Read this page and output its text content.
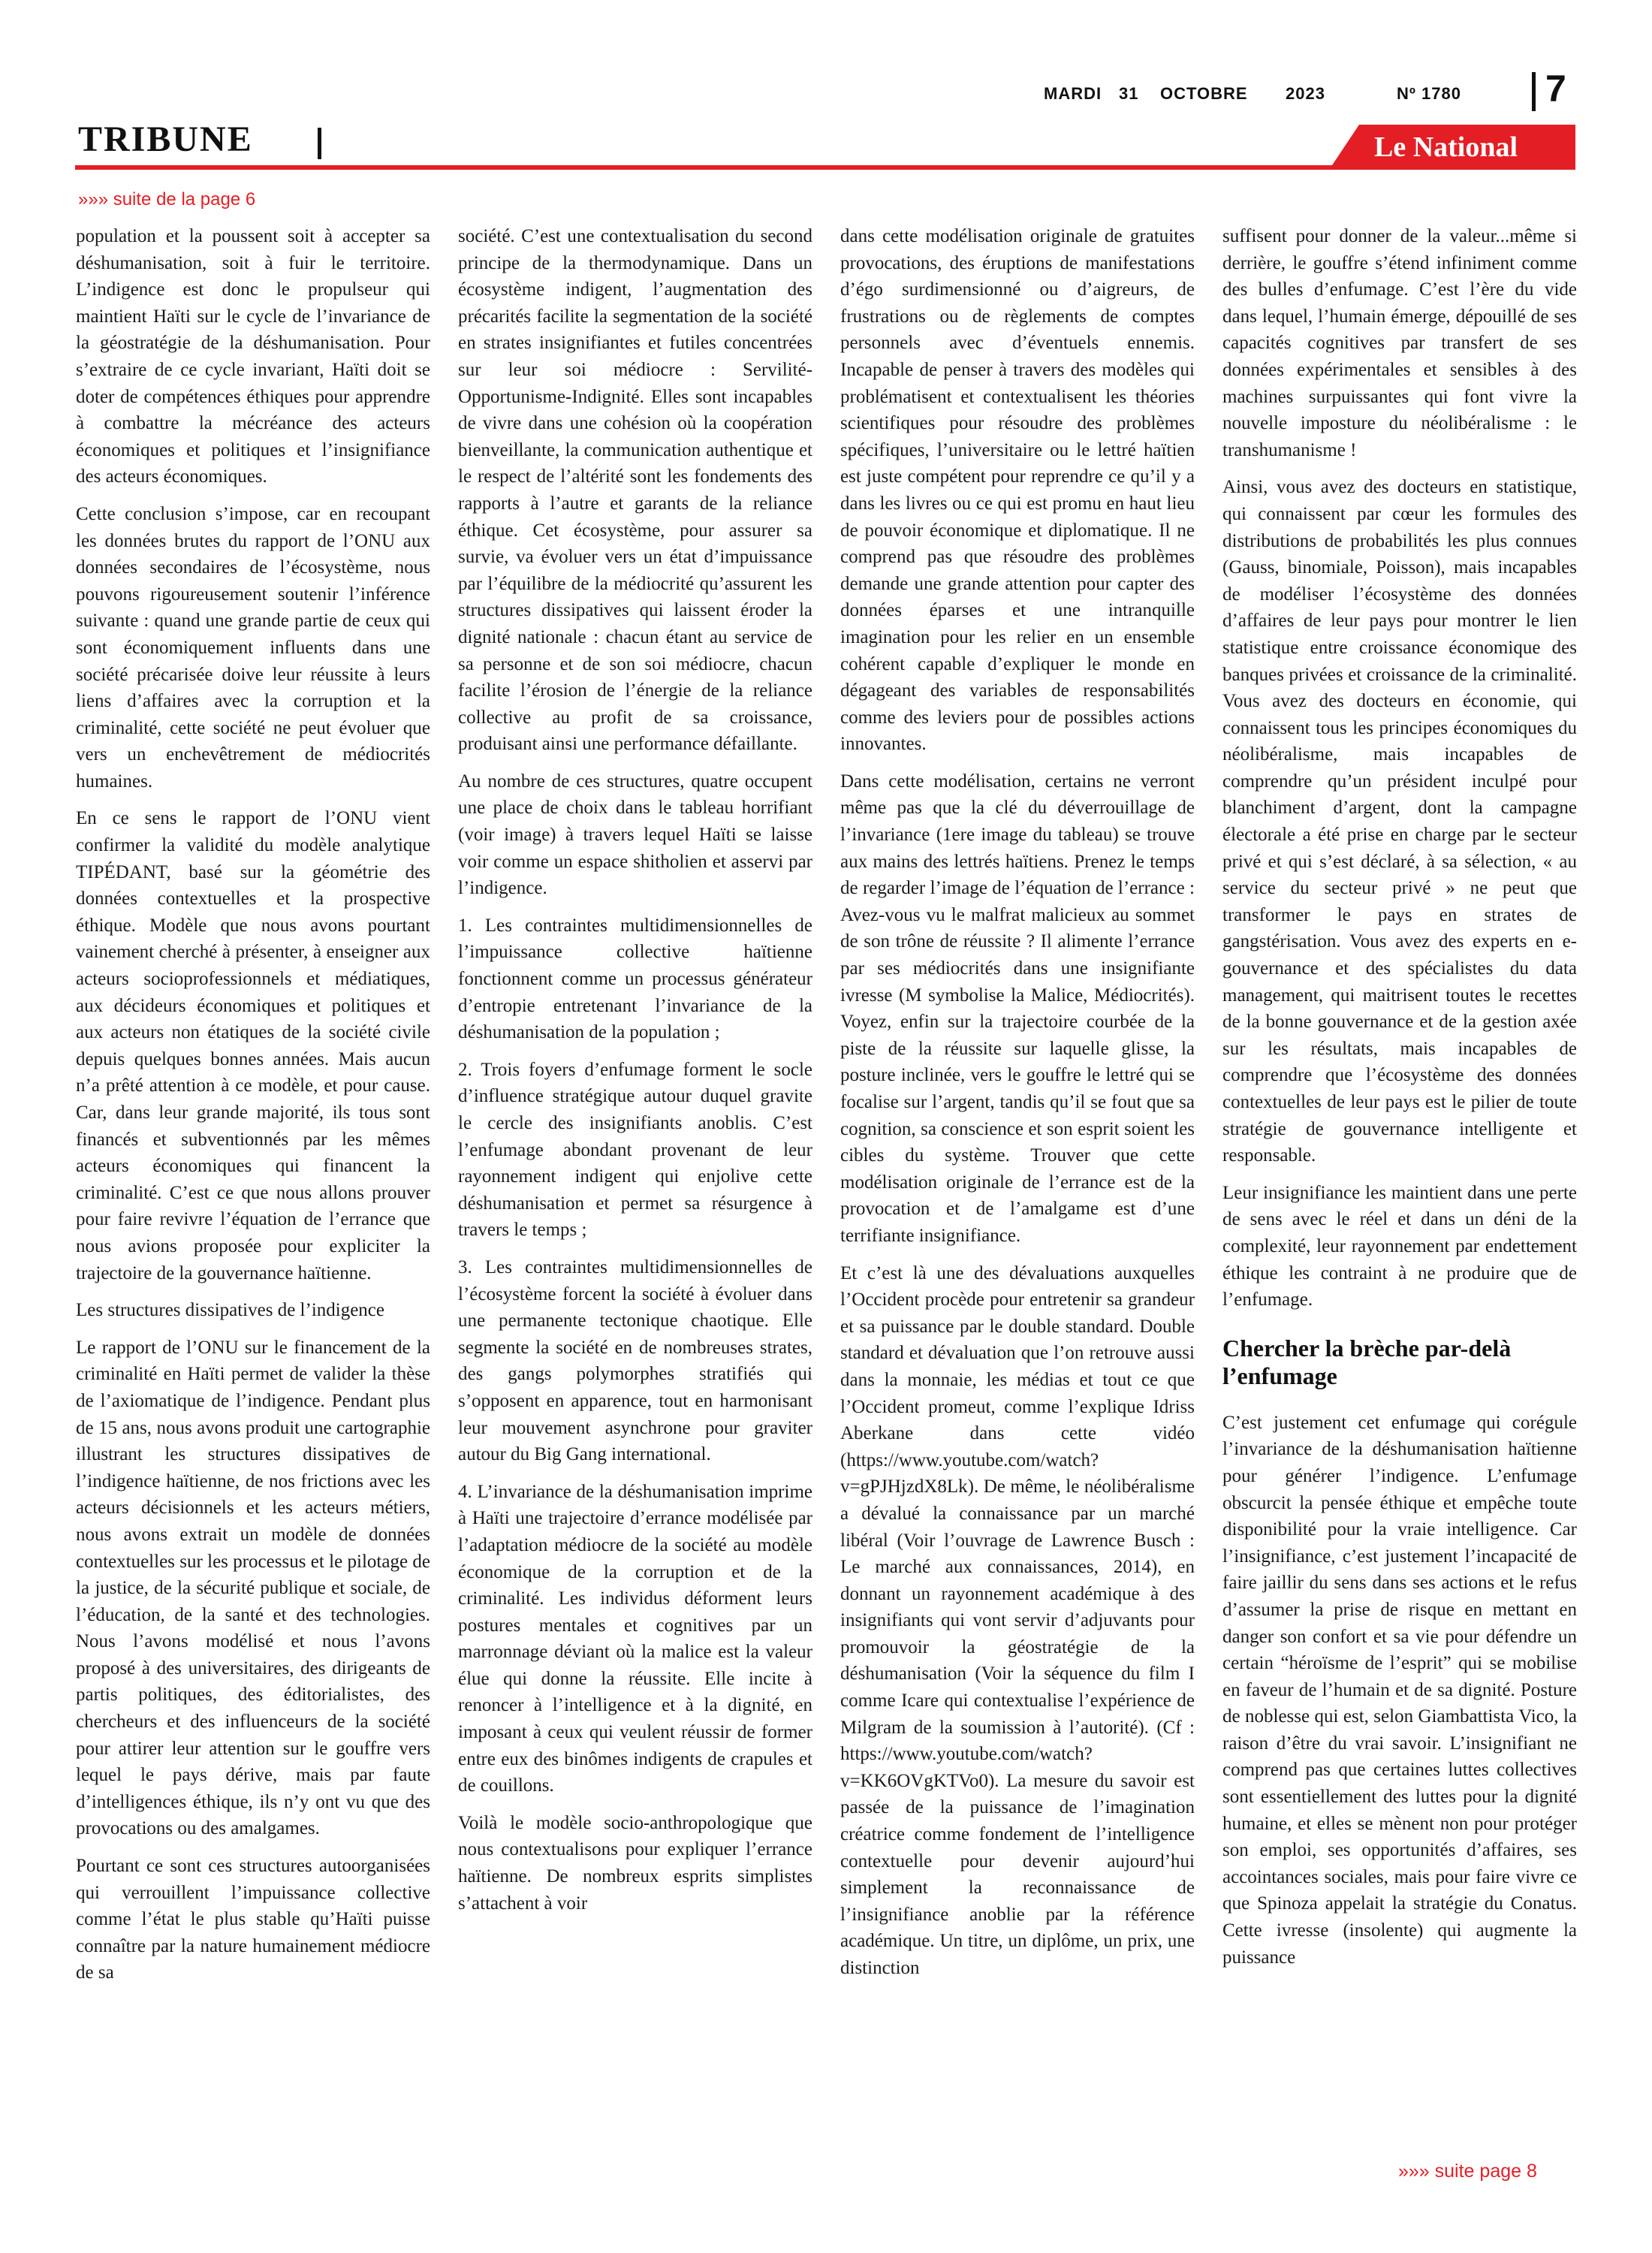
MARDI 31 OCTOBRE 2023	Nº 1780 7
TRIBUNE	Le National
»»» suite de la page 6

population et la poussent soit à accepter sa déshumanisation, soit à fuir le territoire. L’indigence est donc le propulseur qui maintient Haïti sur le cycle de l’invariance de la géostratégie de la déshumanisation. Pour s’extraire de ce cycle invariant, Haïti doit se doter de compétences éthiques pour apprendre à combattre la mécréance des acteurs économiques et politiques et l’insignifiance des acteurs économiques.

Cette conclusion s’impose, car en recoupant les données brutes du rapport de l’ONU aux données secondaires de l’écosystème, nous pouvons rigoureusement soutenir l’inférence suivante : quand une grande partie de ceux qui sont économiquement influents dans une société précarisée doive leur réussite à leurs liens d’affaires avec la corruption et la criminalité, cette société ne peut évoluer que vers un enchevêtrement de médiocrités humaines.

En ce sens le rapport de l’ONU vient confirmer la validité du modèle analytique TIPÉDANT, basé sur la géométrie des données contextuelles et la prospective éthique. Modèle que nous avons pourtant vainement cherché à présenter, à enseigner aux acteurs socioprofessionnels et médiatiques, aux décideurs économiques et politiques et aux acteurs non étatiques de la société civile depuis quelques bonnes années. Mais aucun n’a prêté attention à ce modèle, et pour cause. Car, dans leur grande majorité, ils tous sont financés et subventionnés par les mêmes acteurs économiques qui financent la criminalité. C’est ce que nous allons prouver pour faire revivre l’équation de l’errance que nous avions proposée pour expliciter la trajectoire de la gouvernance haïtienne.

Les structures dissipatives de l’indigence

Le rapport de l’ONU sur le financement de la criminalité en Haïti permet de valider la thèse de l’axiomatique de l’indigence. Pendant plus de 15 ans, nous avons produit une cartographie illustrant les structures dissipatives de l’indigence haïtienne, de nos frictions avec les acteurs décisionnels et les acteurs métiers, nous avons extrait un modèle de données contextuelles sur les processus et le pilotage de la justice, de la sécurité publique et sociale, de l’éducation, de la santé et des technologies. Nous l’avons modélisé et nous l’avons proposé à des universitaires, des dirigeants de partis politiques, des éditorialistes, des chercheurs et des influenceurs de la société pour attirer leur attention sur le gouffre vers lequel le pays dérive, mais par faute d’intelligences éthique, ils n’y ont vu que des provocations ou des amalgames.

Pourtant ce sont ces structures autoorganisées qui verrouillent l’impuissance collective comme l’état le plus stable qu’Haïti puisse connaître par la nature humainement médiocre de sa

société. C’est une contextualisation du second principe de la thermodynamique. Dans un écosystème indigent, l’augmentation des précarités facilite la segmentation de la société en strates insignifiantes et futiles concentrées sur leur soi médiocre : Servilité-Opportunisme-Indignité. Elles sont incapables de vivre dans une cohésion où la coopération bienveillante, la communication authentique et le respect de l’altérité sont les fondements des rapports à l’autre et garants de la reliance éthique. Cet écosystème, pour assurer sa survie, va évoluer vers un état d’impuissance par l’équilibre de la médiocrité qu’assurent les structures dissipatives qui laissent éroder la dignité nationale : chacun étant au service de sa personne et de son soi médiocre, chacun facilite l’érosion de l’énergie de la reliance collective au profit de sa croissance, produisant ainsi une performance défaillante.

Au nombre de ces structures, quatre occupent une place de choix dans le tableau horrifiant (voir image) à travers lequel Haïti se laisse voir comme un espace shitholien et asservi par l’indigence.

1. Les contraintes multidimensionnelles de l’impuissance collective haïtienne fonctionnent comme un processus générateur d’entropie entretenant l’invariance de la déshumanisation de la population ;

2. Trois foyers d’enfumage forment le socle d’influence stratégique autour duquel gravite le cercle des insignifiants anoblis. C’est l’enfumage abondant provenant de leur rayonnement indigent qui enjolive cette déshumanisation et permet sa résurgence à travers le temps ;

3. Les contraintes multidimensionnelles de l’écosystème forcent la société à évoluer dans une permanente tectonique chaotique. Elle segmente la société en de nombreuses strates, des gangs polymorphes stratifiés qui s’opposent en apparence, tout en harmonisant leur mouvement asynchrone pour graviter autour du Big Gang international.

4. L’invariance de la déshumanisation imprime à Haïti une trajectoire d’errance modélisée par l’adaptation médiocre de la société au modèle économique de la corruption et de la criminalité. Les individus déforment leurs postures mentales et cognitives par un marronnage déviant où la malice est la valeur élue qui donne la réussite. Elle incite à renoncer à l’intelligence et à la dignité, en imposant à ceux qui veulent réussir de former entre eux des binômes indigents de crapules et de couillons.

Voilà le modèle socio-anthropologique que nous contextualisons pour expliquer l’errance haïtienne. De nombreux esprits simplistes s’attachent à voir

dans cette modélisation originale de gratuites provocations, des éruptions de manifestations d’égo surdimensionné ou d’aigreurs, de frustrations ou de règlements de comptes personnels avec d’éventuels ennemis. Incapable de penser à travers des modèles qui problématisent et contextualisent les théories scientifiques pour résoudre des problèmes spécifiques, l’universitaire ou le lettré haïtien est juste compétent pour reprendre ce qu’il y a dans les livres ou ce qui est promu en haut lieu de pouvoir économique et diplomatique. Il ne comprend pas que résoudre des problèmes demande une grande attention pour capter des données éparses et une intranquille imagination pour les relier en un ensemble cohérent capable d’expliquer le monde en dégageant des variables de responsabilités comme des leviers pour de possibles actions innovantes.

Dans cette modélisation, certains ne verront même pas que la clé du déverrouillage de l’invariance (1ere image du tableau) se trouve aux mains des lettrés haïtiens. Prenez le temps de regarder l’image de l’équation de l’errance : Avez-vous vu le malfrat malicieux au sommet de son trône de réussite ? Il alimente l’errance par ses médiocrités dans une insignifiante ivresse (M symbolise la Malice, Médiocrités). Voyez, enfin sur la trajectoire courbée de la piste de la réussite sur laquelle glisse, la posture inclinée, vers le gouffre le lettré qui se focalise sur l’argent, tandis qu’il se fout que sa cognition, sa conscience et son esprit soient les cibles du système. Trouver que cette modélisation originale de l’errance est de la provocation et de l’amalgame est d’une terrifiante insignifiance.

Et c’est là une des dévaluations auxquelles l’Occident procède pour entretenir sa grandeur et sa puissance par le double standard. Double standard et dévaluation que l’on retrouve aussi dans la monnaie, les médias et tout ce que l’Occident promeut, comme l’explique Idriss Aberkane dans cette vidéo (https://www.youtube.com/watch?v=gPJHjzdX8Lk). De même, le néolibéralisme a dévalué la connaissance par un marché libéral (Voir l’ouvrage de Lawrence Busch : Le marché aux connaissances, 2014), en donnant un rayonnement académique à des insignifiants qui vont servir d’adjuvants pour promouvoir la géostratégie de la déshumanisation (Voir la séquence du film I comme Icare qui contextualise l’expérience de Milgram de la soumission à l’autorité). (Cf : https://www.youtube.com/watch?v=KK6OVgKTVo0). La mesure du savoir est passée de la puissance de l’imagination créatrice comme fondement de l’intelligence contextuelle pour devenir aujourd’hui simplement la reconnaissance de l’insignifiance anoblie par la référence académique. Un titre, un diplôme, un prix, une distinction

suffisent pour donner de la valeur...même si derrière, le gouffre s’étend infiniment comme des bulles d’enfumage. C’est l’ère du vide dans lequel, l’humain émerge, dépouillé de ses capacités cognitives par transfert de ses données expérimentales et sensibles à des machines surpuissantes qui font vivre la nouvelle imposture du néolibéralisme : le transhumanisme !

Ainsi, vous avez des docteurs en statistique, qui connaissent par cœur les formules des distributions de probabilités les plus connues (Gauss, binomiale, Poisson), mais incapables de modéliser l’écosystème des données d’affaires de leur pays pour montrer le lien statistique entre croissance économique des banques privées et croissance de la criminalité. Vous avez des docteurs en économie, qui connaissent tous les principes économiques du néolibéralisme, mais incapables de comprendre qu’un président inculpé pour blanchiment d’argent, dont la campagne électorale a été prise en charge par le secteur privé et qui s’est déclaré, à sa sélection, « au service du secteur privé » ne peut que transformer le pays en strates de gangstérisation. Vous avez des experts en e-gouvernance et des spécialistes du data management, qui maitrisent toutes le recettes de la bonne gouvernance et de la gestion axée sur les résultats, mais incapables de comprendre que l’écosystème des données contextuelles de leur pays est le pilier de toute stratégie de gouvernance intelligente et responsable.

Leur insignifiance les maintient dans une perte de sens avec le réel et dans un déni de la complexité, leur rayonnement par endettement éthique les contraint à ne produire que de l’enfumage.

Chercher la brèche par-delà l’enfumage

C’est justement cet enfumage qui corégule l’invariance de la déshumanisation haïtienne pour générer l’indigence. L’enfumage obscurcit la pensée éthique et empêche toute disponibilité pour la vraie intelligence. Car l’insignifiance, c’est justement l’incapacité de faire jaillir du sens dans ses actions et le refus d’assumer la prise de risque en mettant en danger son confort et sa vie pour défendre un certain “héroïsme de l’esprit” qui se mobilise en faveur de l’humain et de sa dignité. Posture de noblesse qui est, selon Giambattista Vico, la raison d’être du vrai savoir. L’insignifiant ne comprend pas que certaines luttes collectives sont essentiellement des luttes pour la dignité humaine, et elles se mènent non pour protéger son emploi, ses opportunités d’affaires, ses accointances sociales, mais pour faire vivre ce que Spinoza appelait la stratégie du Conatus. Cette ivresse (insolente) qui augmente la puissance

»»» suite page 8
